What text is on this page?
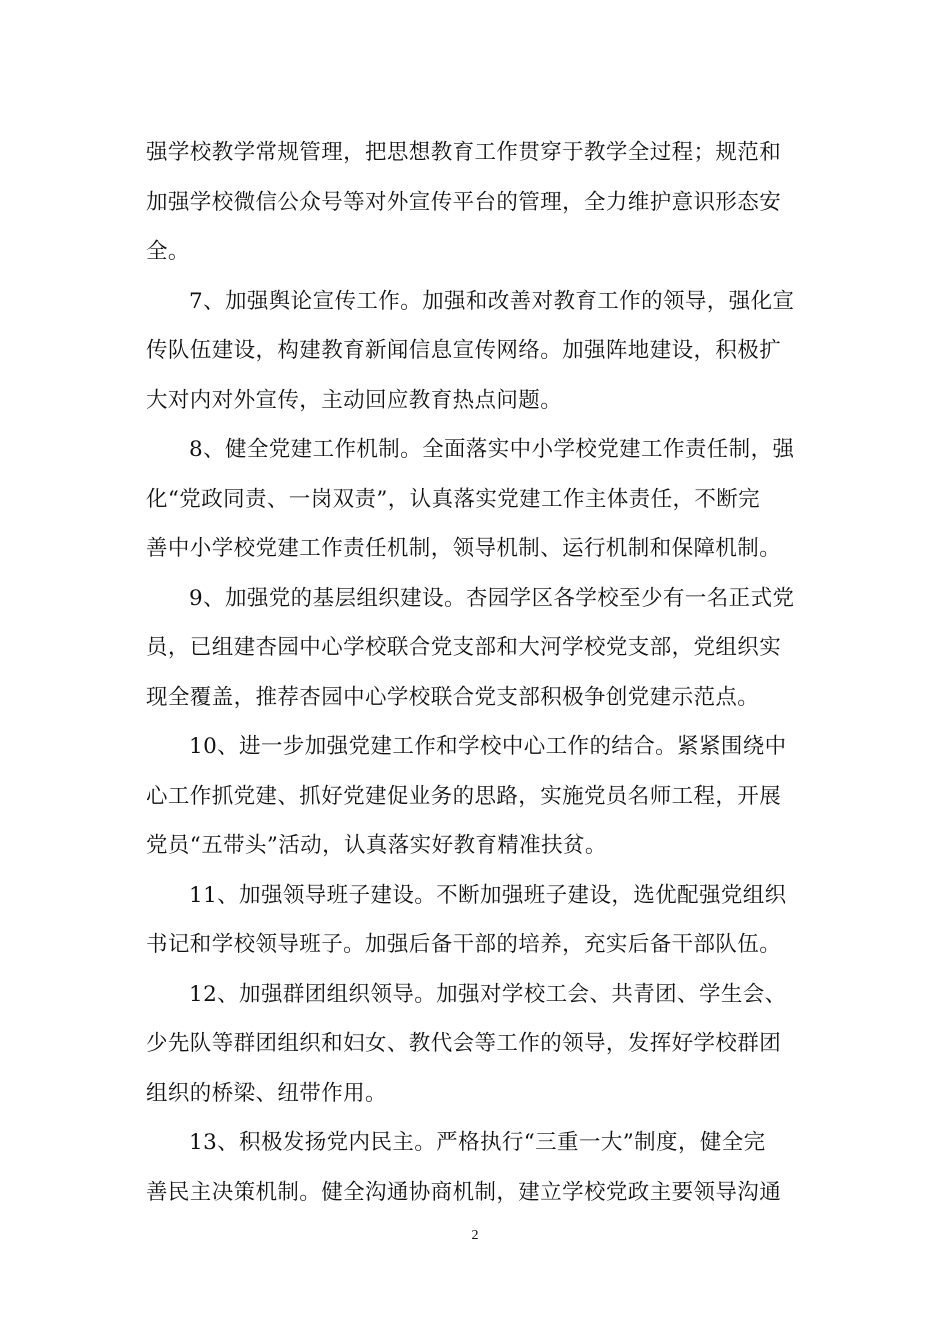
强学校教学常规管理，把思想教育工作贯穿于教学全过程；规范和
加强学校微信公众号等对外宣传平台的管理，全力维护意识形态安
全。
7、加强舆论宣传工作。加强和改善对教育工作的领导，强化宣
传队伍建设，构建教育新闻信息宣传网络。加强阵地建设，积极扩
大对内对外宣传，主动回应教育热点问题。
8、健全党建工作机制。全面落实中小学校党建工作责任制，强
化“党政同责、一岗双责”，认真落实党建工作主体责任，不断完
善中小学校党建工作责任机制，领导机制、运行机制和保障机制。
9、加强党的基层组织建设。杏园学区各学校至少有一名正式党
员，已组建杏园中心学校联合党支部和大河学校党支部，党组织实
现全覆盖，推荐杏园中心学校联合党支部积极争创党建示范点。
10、进一步加强党建工作和学校中心工作的结合。紧紧围绕中
心工作抓党建、抓好党建促业务的思路，实施党员名师工程，开展
党员“五带头”活动，认真落实好教育精准扶贫。
11、加强领导班子建设。不断加强班子建设，选优配强党组织
书记和学校领导班子。加强后备干部的培养，充实后备干部队伍。
12、加强群团组织领导。加强对学校工会、共青团、学生会、
少先队等群团组织和妇女、教代会等工作的领导，发挥好学校群团
组织的桥梁、纽带作用。
13、积极发扬党内民主。严格执行“三重一大”制度，健全完
善民主决策机制。健全沟通协商机制，建立学校党政主要领导沟通
2
